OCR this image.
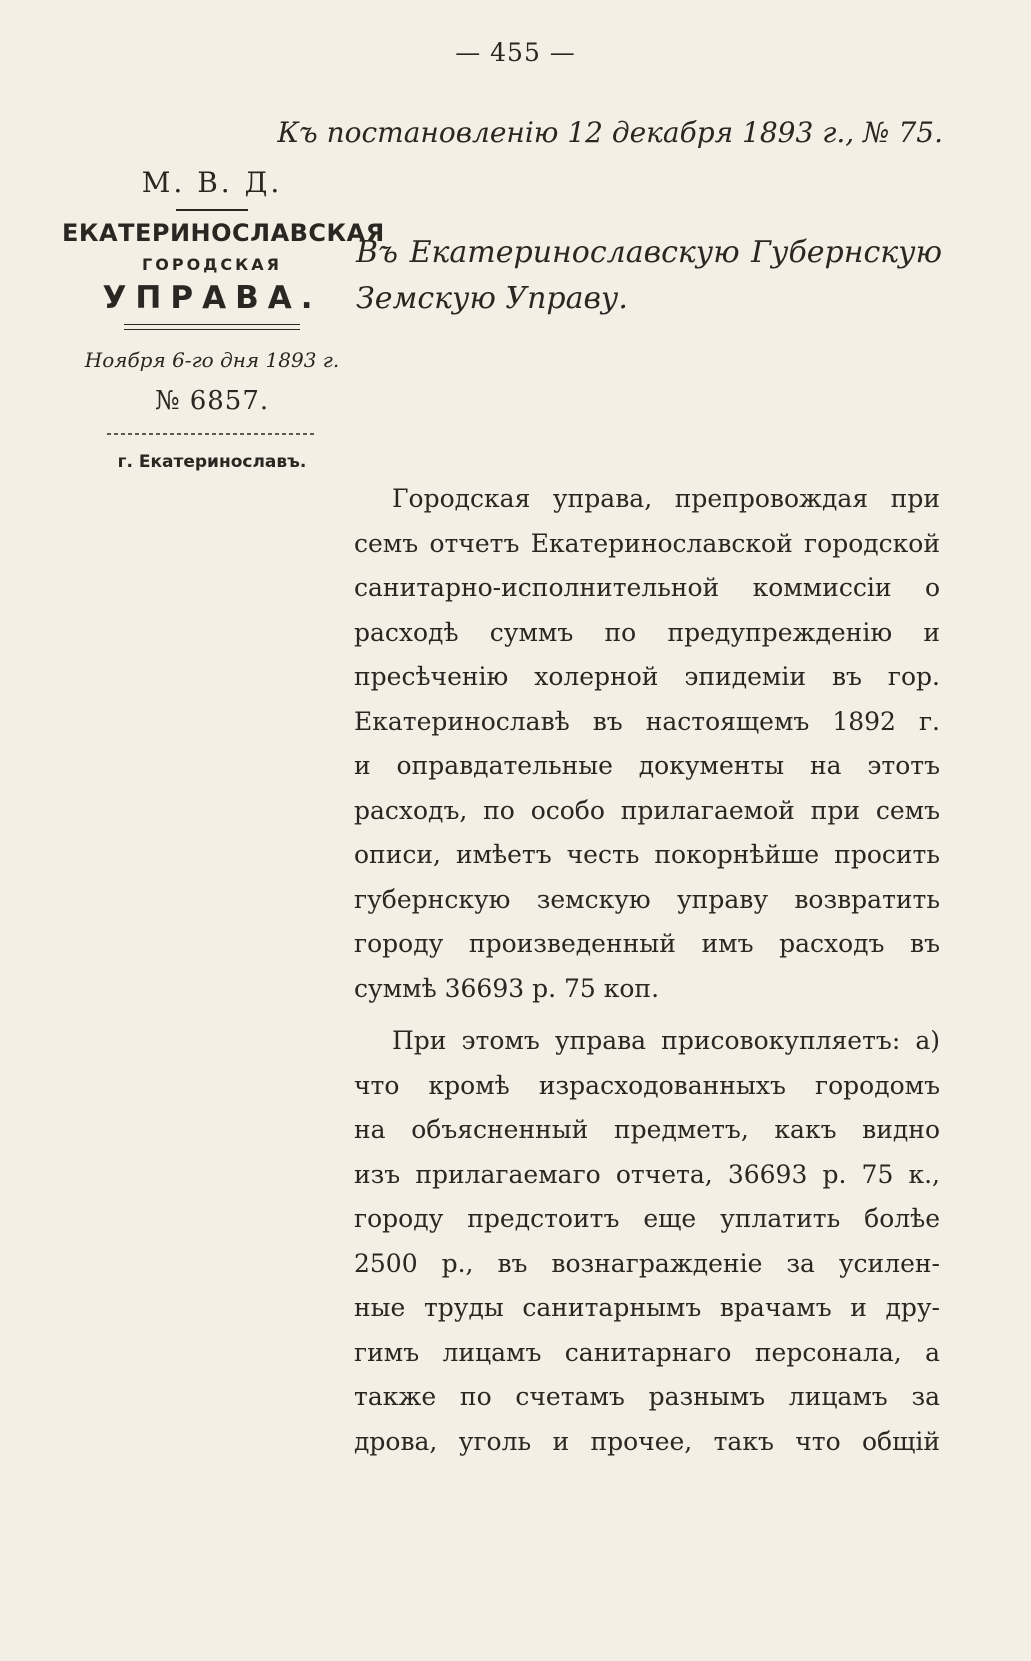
— 455 —
Къ постановленію 12 декабря 1893 г., № 75.
М. В. Д.
ЕКАТЕРИНОСЛАВСКАЯ
ГОРОДСКАЯ
УПРАВА.
Ноября 6-го дня 1893 г.
№ 6857.
г. Екатеринославъ.
Въ Екатеринославскую Губернскую
Земскую Управу.
Городская управа, препровождая при
семъ отчетъ Екатеринославской городской
санитарно-исполнительной коммиссіи о
расходѣ суммъ по предупрежденію и
пресѣченію холерной эпидеміи въ гор.
Екатеринославѣ въ настоящемъ 1892 г.
и оправдательные документы на этотъ
расходъ, по особо прилагаемой при семъ
описи, имѣетъ честь покорнѣйше просить
губернскую земскую управу возвратить
городу произведенный имъ расходъ въ
суммѣ 36693 р. 75 коп.
При этомъ управа присовокупляетъ: а)
что кромѣ израсходованныхъ городомъ
на объясненный предметъ, какъ видно
изъ прилагаемаго отчета, 36693 р. 75 к.,
городу предстоитъ еще уплатить болѣе
2500 р., въ вознагражденіе за усилен-
ные труды санитарнымъ врачамъ и дру-
гимъ лицамъ санитарнаго персонала, а
также по счетамъ разнымъ лицамъ за
дрова, уголь и прочее, такъ что общій
